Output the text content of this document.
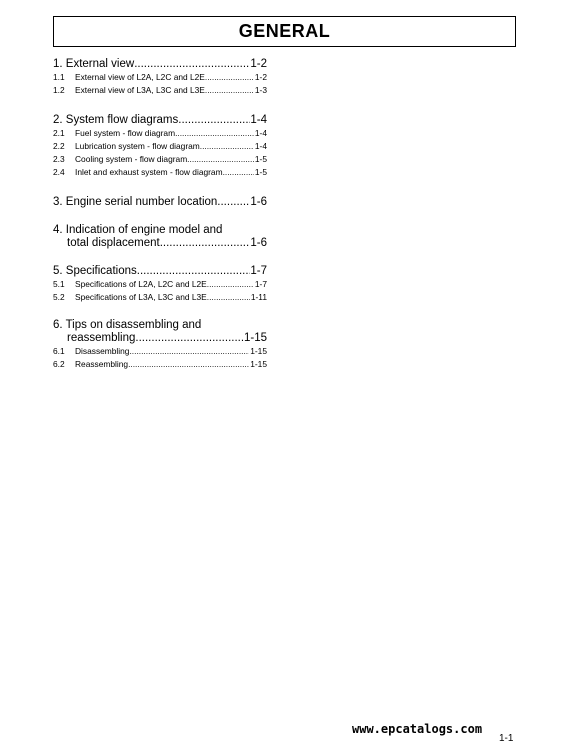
GENERAL
1. External view .....	1-2
1.1	External view of L2A, L2C and L2E .....	1-2
1.2	External view of L3A, L3C and L3E .....	1-3
2. System flow diagrams .....	1-4
2.1	Fuel system - flow diagram .....	1-4
2.2	Lubrication system - flow diagram .....	1-4
2.3	Cooling system - flow diagram .....	1-5
2.4	Inlet and exhaust system - flow diagram .....	1-5
3. Engine serial number location .....	1-6
4. Indication of engine model and
total displacement .....	1-6
5. Specifications .....	1-7
5.1	Specifications of L2A, L2C and L2E .....	1-7
5.2	Specifications of L3A, L3C and L3E .....	1-11
6. Tips on disassembling and
reassembling .....	1-15
6.1	Disassembling .....	1-15
6.2	Reassembling .....	1-15
www.epcatalogs.com
1-1
